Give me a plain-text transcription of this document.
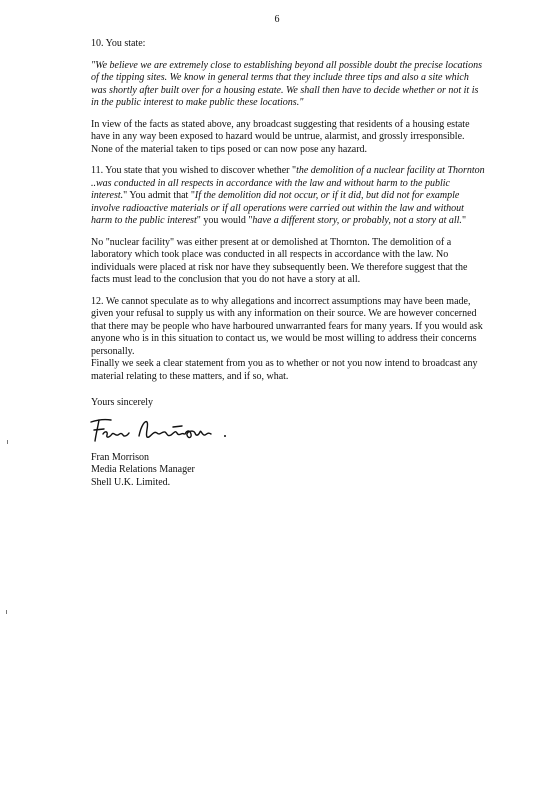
6

10. You state:

"We believe we are extremely close to establishing beyond all possible doubt the precise locations of the tipping sites. We know in general terms that they include three tips and also a site which was shortly after built over for a housing estate. We shall then have to decide whether or not it is in the public interest to make public these locations."

In view of the facts as stated above, any broadcast suggesting that residents of a housing estate have in any way been exposed to hazard would be untrue, alarmist, and grossly irresponsible. None of the material taken to tips posed or can now pose any hazard.

11. You state that you wished to discover whether "the demolition of a nuclear facility at Thornton ..was conducted in all respects in accordance with the law and without harm to the public interest." You admit that "If the demolition did not occur, or if it did, but did not for example involve radioactive materials or if all operations were carried out within the law and without harm to the public interest" you would "have a different story, or probably, not a story at all."

No "nuclear facility" was either present at or demolished at Thornton. The demolition of a laboratory which took place was conducted in all respects in accordance with the law. No individuals were placed at risk nor have they subsequently been. We therefore suggest that the facts must lead to the conclusion that you do not have a story at all.

12. We cannot speculate as to why allegations and incorrect assumptions may have been made, given your refusal to supply us with any information on their source. We are however concerned that there may be people who have harboured unwarranted fears for many years. If you would ask anyone who is in this situation to contact us, we would be most willing to address their concerns personally.

Finally we seek a clear statement from you as to whether or not you now intend to broadcast any material relating to these matters, and if so, what.

Yours sincerely

Fran Morrison

Media Relations Manager

Shell U.K. Limited.
